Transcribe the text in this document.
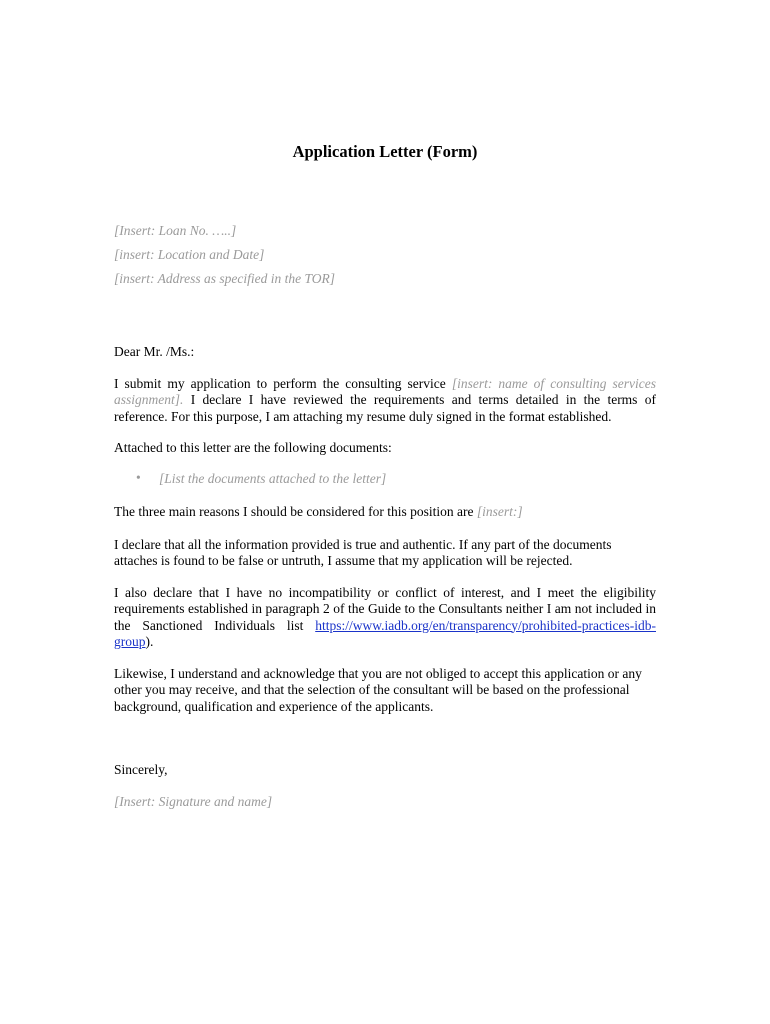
Application Letter (Form)
[Insert: Loan No. …..]
[insert: Location and Date]
[insert: Address as specified in the TOR]
Dear Mr. /Ms.:
I submit my application to perform the consulting service [insert: name of consulting services assignment]. I declare I have reviewed the requirements and terms detailed in the terms of reference. For this purpose, I am attaching my resume duly signed in the format established.
Attached to this letter are the following documents:
• [List the documents attached to the letter]
The three main reasons I should be considered for this position are [insert:]
I declare that all the information provided is true and authentic. If any part of the documents attaches is found to be false or untruth, I assume that my application will be rejected.
I also declare that I have no incompatibility or conflict of interest, and I meet the eligibility requirements established in paragraph 2 of the Guide to the Consultants neither I am not included in the Sanctioned Individuals list https://www.iadb.org/en/transparency/prohibited-practices-idb-group).
Likewise, I understand and acknowledge that you are not obliged to accept this application or any other you may receive, and that the selection of the consultant will be based on the professional background, qualification and experience of the applicants.
Sincerely,
[Insert: Signature and name]
